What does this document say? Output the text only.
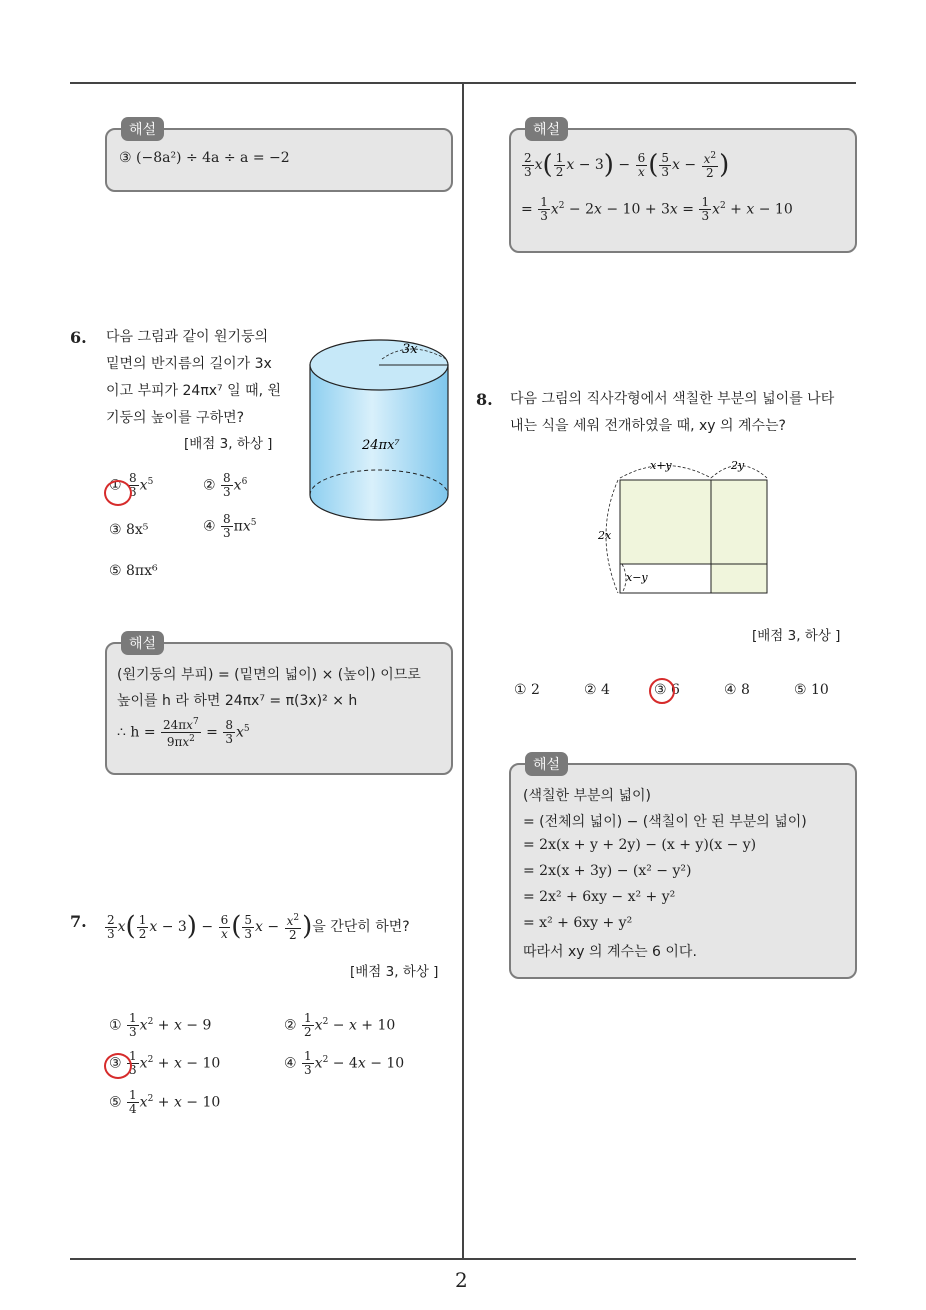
2
해설
③ (−8a²) ÷ 4a ÷ a = −2
해설
$\frac{2}{3} x( \frac{1}{2}$ $x - 3) - \frac{6}{x}$ ( $\frac{5}{3}$ $x - \frac{x^2}{2}$ )
= $\frac{1}{3} x^2 - 2x - 10 + 3x = \frac{1}{3} x^2 + x - 10$
6. 다음 그림과 같이 원기둥의
밑면의 반지름의 길이가 3x
이고 부피가 24πx⁷ 일 때, 원
기둥의 높이를 구하면?
[배점 3, 하상 ]
3x
24πx⁷
① $\frac{8}{3} x^5$	② $\frac{8}{3} x^6$
③ 8x⁵	④ $\frac{8}{3} \pi x^5$
⑤ 8πx⁶
해설
(원기둥의 부피) = (밑면의 넓이) × (높이) 이므로
높이를 h 라 하면 24πx⁷ = π(3x)² × h
∴ $h = \frac{24\pi x^7}{9\pi x^2} = \frac{8}{3} x^5$
7. $\frac{2}{3} x( \frac{1}{2}$ $x - 3) - \frac{6}{x}$ ( $\frac{5}{3}$ $x - \frac{x^2}{2}$ )을 간단히 하면?
[배점 3, 하상 ]
① $\frac{1}{3} x^2 + x - 9$	② $\frac{1}{2} x^2 - x + 10$
③ $\frac{1}{3} x^2 + x - 10$	④ $\frac{1}{3} x^2 - 4x - 10$
⑤ $\frac{1}{4} x^2 + x - 10$
8. 다음 그림의 직사각형에서 색칠한 부분의 넓이를 나타
내는 식을 세워 전개하였을 때, xy 의 계수는?
x+y	2y
2x
x−y
[배점 3, 하상 ]
① 2	② 4	③ 6	④ 8	⑤ 10
해설
(색칠한 부분의 넓이)
= (전체의 넓이) − (색칠이 안 된 부분의 넓이)
= 2x(x + y + 2y) − (x + y)(x − y)
= 2x(x + 3y) − (x² − y²)
= 2x² + 6xy − x² + y²
= x² + 6xy + y²
따라서 xy 의 계수는 6 이다.
